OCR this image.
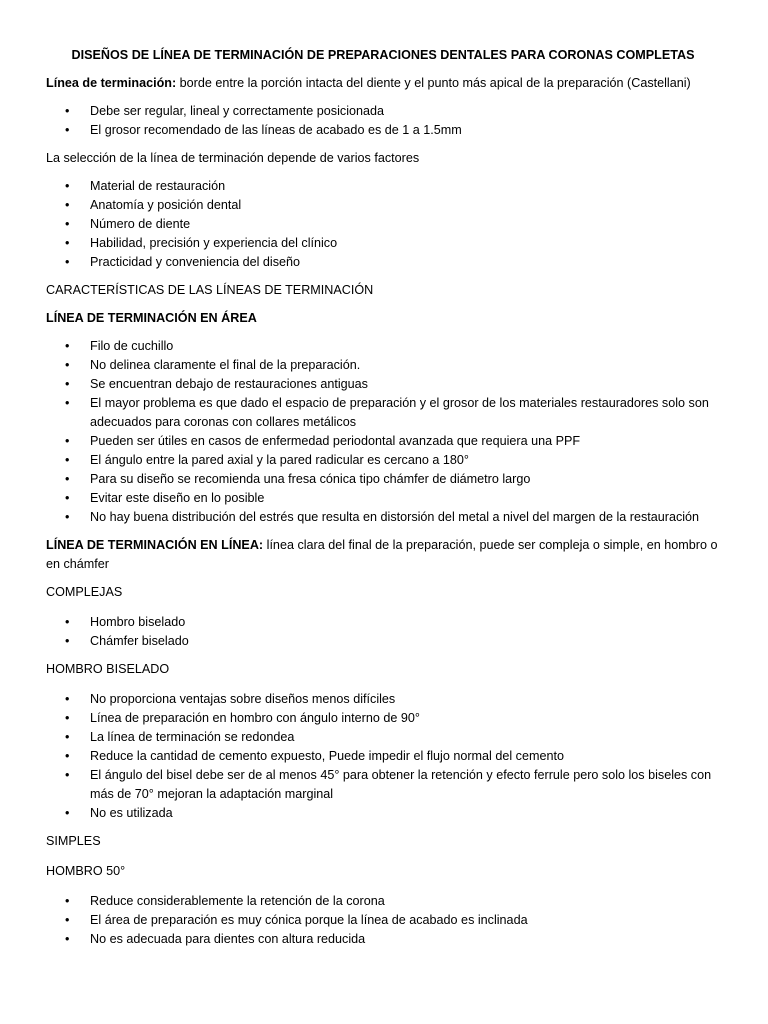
DISEÑOS DE LÍNEA DE TERMINACIÓN DE PREPARACIONES DENTALES PARA CORONAS COMPLETAS

Línea de terminación: borde entre la porción intacta del diente y el punto más apical de la preparación (Castellani)

• Debe ser regular, lineal y correctamente posicionada
• El grosor recomendado de las líneas de acabado es de 1 a 1.5mm

La selección de la línea de terminación depende de varios factores

• Material de restauración
• Anatomía y posición dental
• Número de diente
• Habilidad, precisión y experiencia del clínico
• Practicidad y conveniencia del diseño

CARACTERÍSTICAS DE LAS LÍNEAS DE TERMINACIÓN

LÍNEA DE TERMINACIÓN EN ÁREA

• Filo de cuchillo
• No delinea claramente el final de la preparación.
• Se encuentran debajo de restauraciones antiguas
• El mayor problema es que dado el espacio de preparación y el grosor de los materiales restauradores solo son adecuados para coronas con collares metálicos
• Pueden ser útiles en casos de enfermedad periodontal avanzada que requiera una PPF
• El ángulo entre la pared axial y la pared radicular es cercano a 180°
• Para su diseño se recomienda una fresa cónica tipo chámfer de diámetro largo
• Evitar este diseño en lo posible
• No hay buena distribución del estrés que resulta en distorsión del metal a nivel del margen de la restauración

LÍNEA DE TERMINACIÓN EN LÍNEA: línea clara del final de la preparación, puede ser compleja o simple, en hombro o en chámfer

COMPLEJAS

• Hombro biselado
• Chámfer biselado

HOMBRO BISELADO

• No proporciona ventajas sobre diseños menos difíciles
• Línea de preparación en hombro con ángulo interno de 90°
• La línea de terminación se redondea
• Reduce la cantidad de cemento expuesto, Puede impedir el flujo normal del cemento
• El ángulo del bisel debe ser de al menos 45° para obtener la retención y efecto ferrule pero solo los biseles con más de 70° mejoran la adaptación marginal
• No es utilizada

SIMPLES

HOMBRO 50°

• Reduce considerablemente la retención de la corona
• El área de preparación es muy cónica porque la línea de acabado es inclinada
• No es adecuada para dientes con altura reducida
